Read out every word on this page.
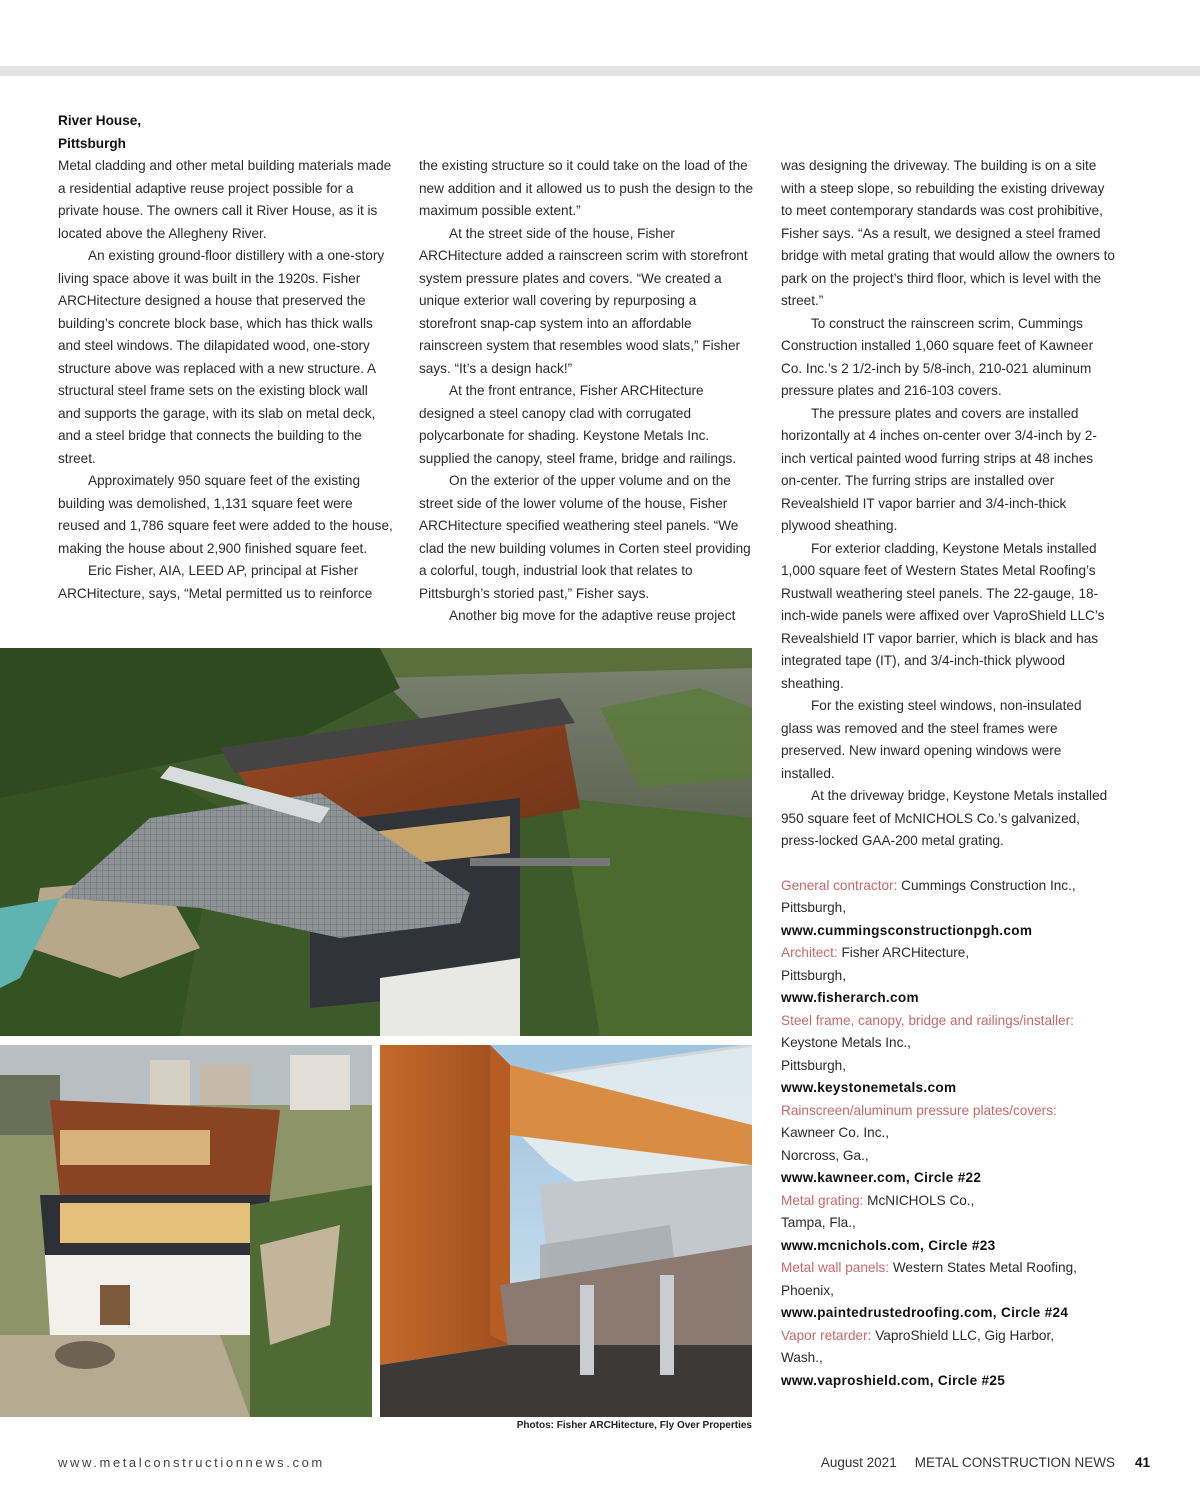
River House,
Pittsburgh

Metal cladding and other metal building materials made a residential adaptive reuse project possible for a private house. The owners call it River House, as it is located above the Allegheny River.

An existing ground-floor distillery with a one-story living space above it was built in the 1920s. Fisher ARCHitecture designed a house that preserved the building’s concrete block base, which has thick walls and steel windows. The dilapidated wood, one-story structure above was replaced with a new structure. A structural steel frame sets on the existing block wall and supports the garage, with its slab on metal deck, and a steel bridge that connects the building to the street.

Approximately 950 square feet of the existing building was demolished, 1,131 square feet were reused and 1,786 square feet were added to the house, making the house about 2,900 finished square feet.

Eric Fisher, AIA, LEED AP, principal at Fisher ARCHitecture, says, “Metal permitted us to reinforce

the existing structure so it could take on the load of the new addition and it allowed us to push the design to the maximum possible extent.”

At the street side of the house, Fisher ARCHitecture added a rainscreen scrim with storefront system pressure plates and covers. “We created a unique exterior wall covering by repurposing a storefront snap-cap system into an affordable rainscreen system that resembles wood slats,” Fisher says. “It’s a design hack!”

At the front entrance, Fisher ARCHitecture designed a steel canopy clad with corrugated polycarbonate for shading. Keystone Metals Inc. supplied the canopy, steel frame, bridge and railings.

On the exterior of the upper volume and on the street side of the lower volume of the house, Fisher ARCHitecture specified weathering steel panels. “We clad the new building volumes in Corten steel providing a colorful, tough, industrial look that relates to Pittsburgh’s storied past,” Fisher says.

Another big move for the adaptive reuse project

was designing the driveway. The building is on a site with a steep slope, so rebuilding the existing driveway to meet contemporary standards was cost prohibitive, Fisher says. “As a result, we designed a steel framed bridge with metal grating that would allow the owners to park on the project’s third floor, which is level with the street.”

To construct the rainscreen scrim, Cummings Construction installed 1,060 square feet of Kawneer Co. Inc.’s 2 1/2-inch by 5/8-inch, 210-021 aluminum pressure plates and 216-103 covers.

The pressure plates and covers are installed horizontally at 4 inches on-center over 3/4-inch by 2-inch vertical painted wood furring strips at 48 inches on-center. The furring strips are installed over Revealshield IT vapor barrier and 3/4-inch-thick plywood sheathing.

For exterior cladding, Keystone Metals installed 1,000 square feet of Western States Metal Roofing’s Rustwall weathering steel panels. The 22-gauge, 18-inch-wide panels were affixed over VaproShield LLC’s Revealshield IT vapor barrier, which is black and has integrated tape (IT), and 3/4-inch-thick plywood sheathing.

For the existing steel windows, non-insulated glass was removed and the steel frames were preserved. New inward opening windows were installed.

At the driveway bridge, Keystone Metals installed 950 square feet of McNICHOLS Co.’s galvanized, press-locked GAA-200 metal grating.

General contractor: Cummings Construction Inc.,
Pittsburgh,
www.cummingsconstructionpgh.com
Architect: Fisher ARCHitecture,
Pittsburgh,
www.fisherarch.com
Steel frame, canopy, bridge and railings/installer:
Keystone Metals Inc.,
Pittsburgh,
www.keystonemetals.com
Rainscreen/aluminum pressure plates/covers:
Kawneer Co. Inc.,
Norcross, Ga.,
www.kawneer.com, Circle #22
Metal grating: McNICHOLS Co.,
Tampa, Fla.,
www.mcnichols.com, Circle #23
Metal wall panels: Western States Metal Roofing,
Phoenix,
www.paintedrustedroofing.com, Circle #24
Vapor retarder: VaproShield LLC, Gig Harbor,
Wash.,
www.vaproshield.com, Circle #25
Photos: Fisher ARCHitecture, Fly Over Properties
www.metalconstructionnews.com	August 2021 METAL CONSTRUCTION NEWS 41
